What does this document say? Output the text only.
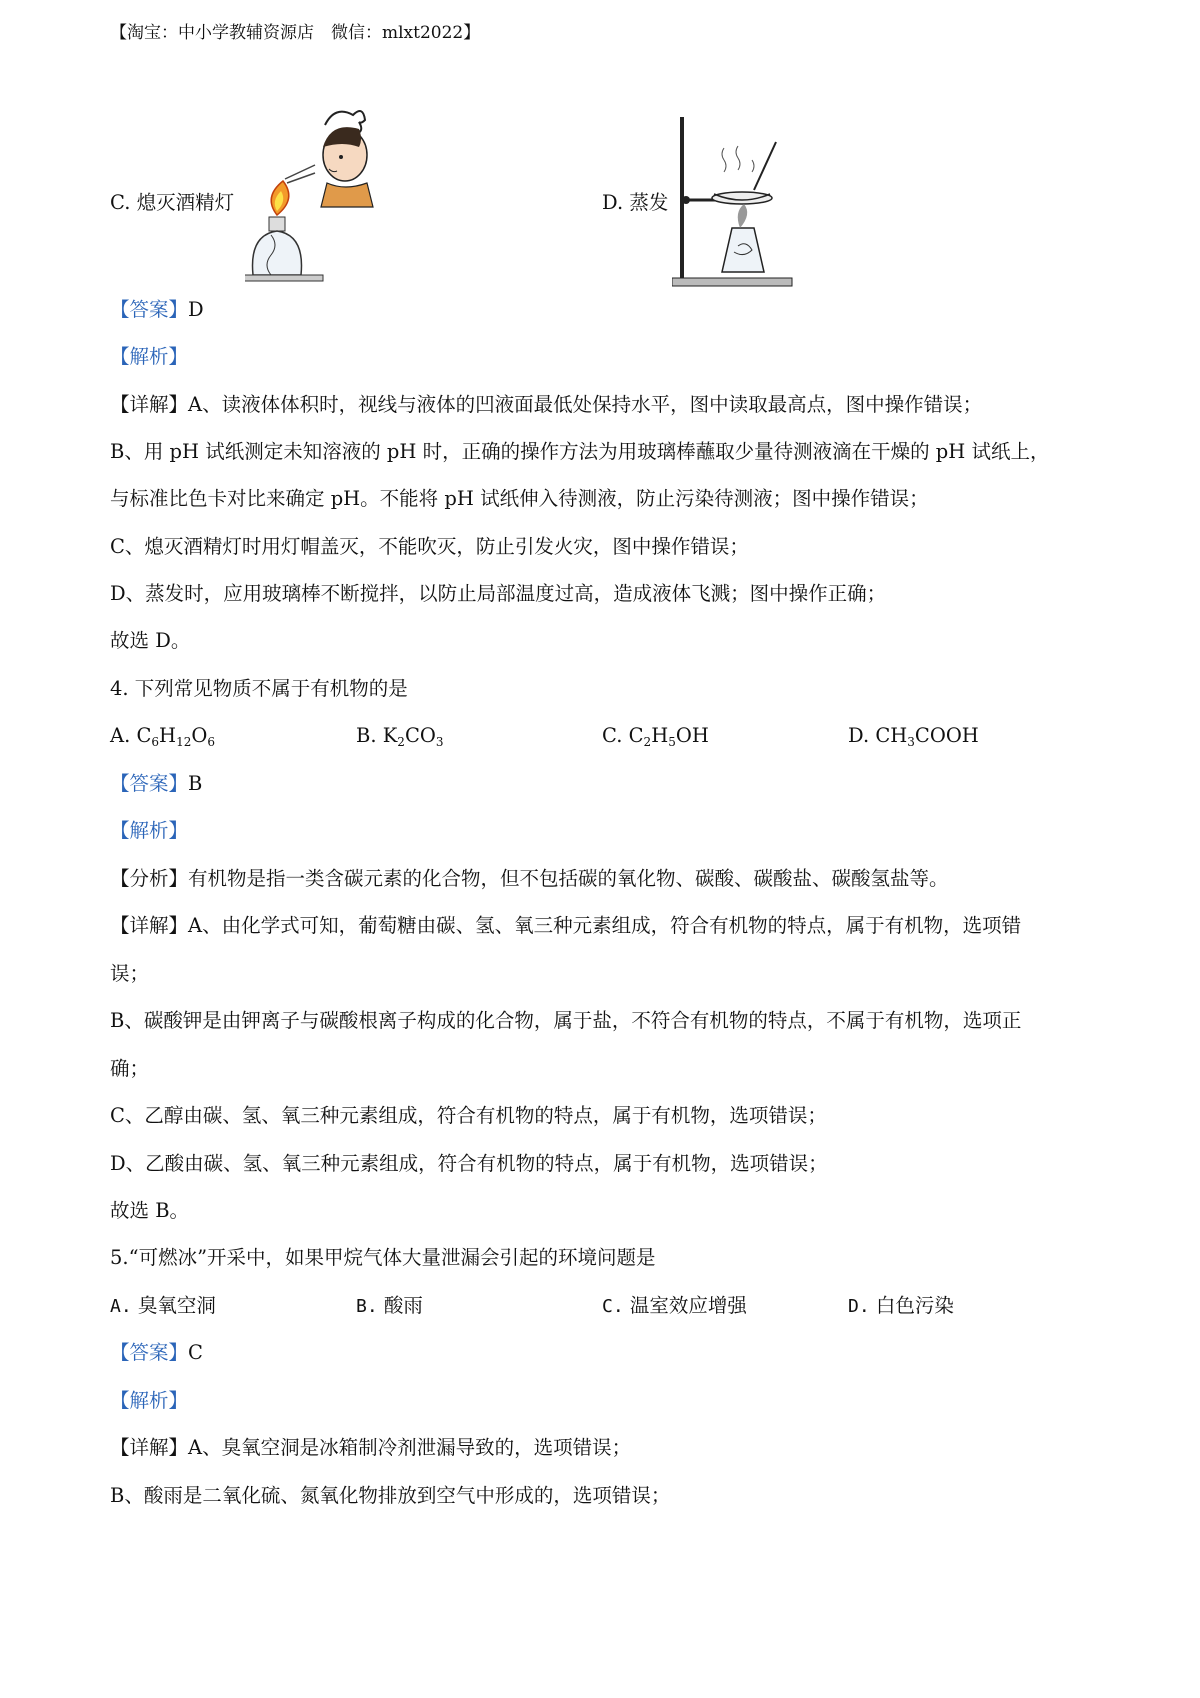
【淘宝：中小学教辅资源店　微信：mlxt2022】
C. 熄灭酒精灯	D. 蒸发
【答案】D
【解析】
【详解】A、读液体体积时，视线与液体的凹液面最低处保持水平，图中读取最高点，图中操作错误；
B、用 pH 试纸测定未知溶液的 pH 时，正确的操作方法为用玻璃棒蘸取少量待测液滴在干燥的 pH 试纸上，
与标准比色卡对比来确定 pH。不能将 pH 试纸伸入待测液，防止污染待测液；图中操作错误；
C、熄灭酒精灯时用灯帽盖灭，不能吹灭，防止引发火灾，图中操作错误；
D、蒸发时，应用玻璃棒不断搅拌，以防止局部温度过高，造成液体飞溅；图中操作正确；
故选 D。
4. 下列常见物质不属于有机物的是
A. $C_6H_{12}O_6$	B. $K_2CO_3$	C. $C_2H_5OH$	D. $CH_3COOH$
【答案】B
【解析】
【分析】有机物是指一类含碳元素的化合物，但不包括碳的氧化物、碳酸、碳酸盐、碳酸氢盐等。
【详解】A、由化学式可知，葡萄糖由碳、氢、氧三种元素组成，符合有机物的特点，属于有机物，选项错
误；
B、碳酸钾是由钾离子与碳酸根离子构成的化合物，属于盐，不符合有机物的特点，不属于有机物，选项正
确；
C、乙醇由碳、氢、氧三种元素组成，符合有机物的特点，属于有机物，选项错误；
D、乙酸由碳、氢、氧三种元素组成，符合有机物的特点，属于有机物，选项错误；
故选 B。
5.“可燃冰”开采中，如果甲烷气体大量泄漏会引起的环境问题是
A. 臭氧空洞	B. 酸雨	C. 温室效应增强	D. 白色污染
【答案】C
【解析】
【详解】A、臭氧空洞是冰箱制冷剂泄漏导致的，选项错误；
B、酸雨是二氧化硫、氮氧化物排放到空气中形成的，选项错误；
